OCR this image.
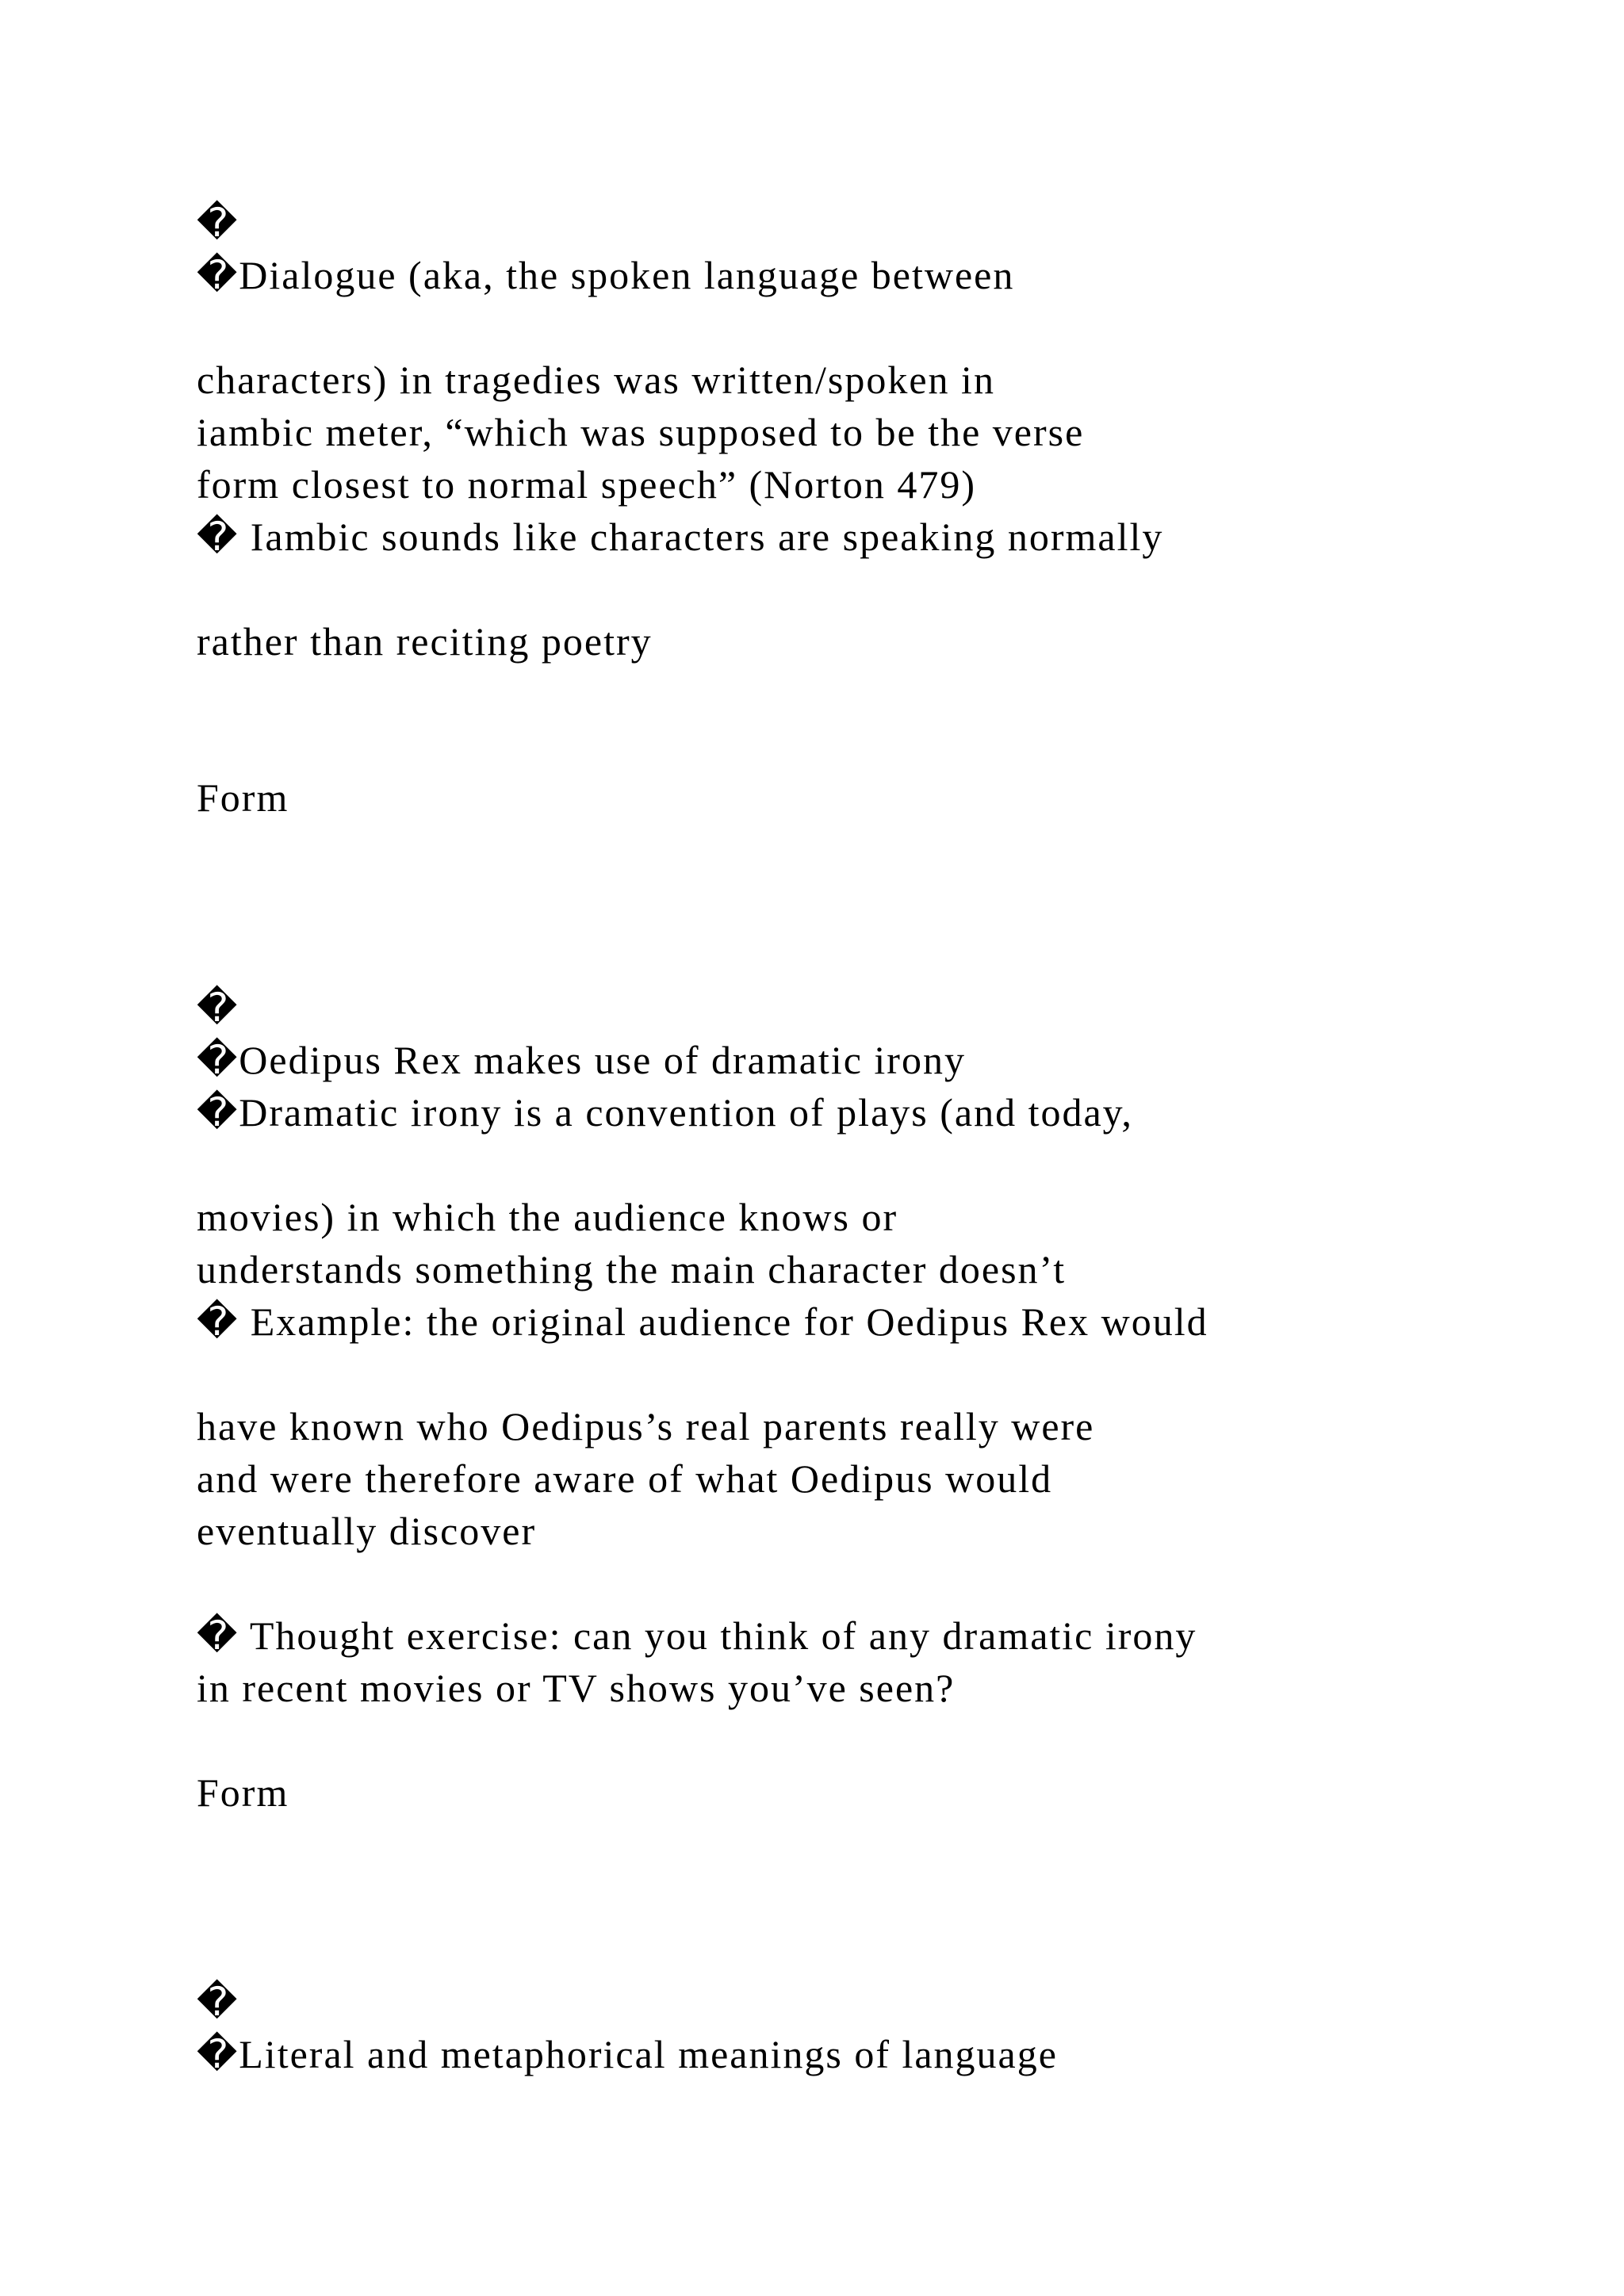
�
�Dialogue (aka, the spoken language between
characters) in tragedies was written/spoken in
iambic meter, “which was supposed to be the verse
form closest to normal speech” (Norton 479)
� Iambic sounds like characters are speaking normally
rather than reciting poetry
Form
�
�Oedipus Rex makes use of dramatic irony
�Dramatic irony is a convention of plays (and today,
movies) in which the audience knows or
understands something the main character doesn’t
� Example: the original audience for Oedipus Rex would
have known who Oedipus’s real parents really were
and were therefore aware of what Oedipus would
eventually discover
� Thought exercise: can you think of any dramatic irony
in recent movies or TV shows you’ve seen?
Form
�
�Literal and metaphorical meanings of language
